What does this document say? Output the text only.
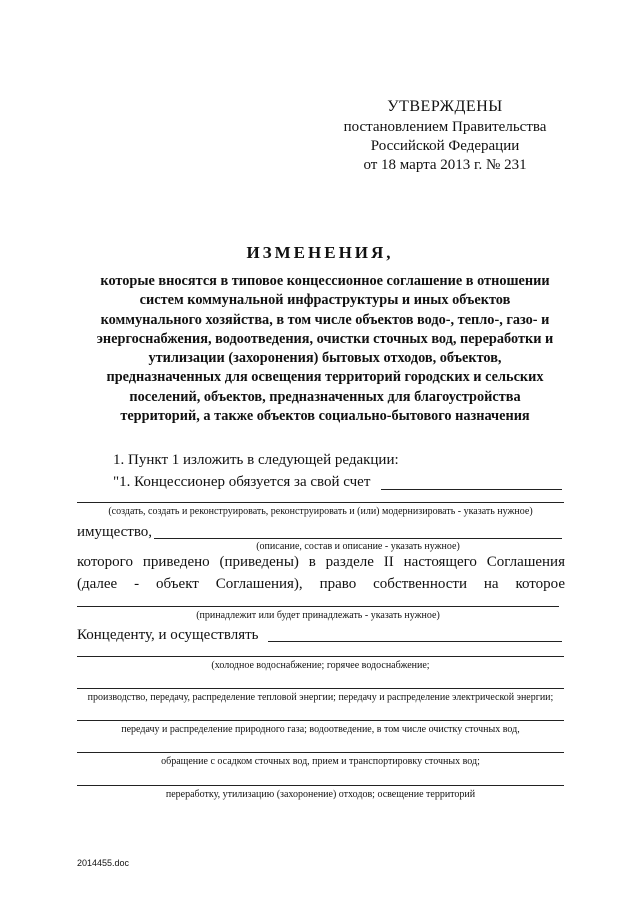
УТВЕРЖДЕНЫ
постановлением Правительства
Российской Федерации
от 18 марта 2013 г. № 231
ИЗМЕНЕНИЯ,
которые вносятся в типовое концессионное соглашение в отношении
систем коммунальной инфраструктуры и иных объектов
коммунального хозяйства, в том числе объектов водо-, тепло-, газо- и
энергоснабжения, водоотведения, очистки сточных вод, переработки и
утилизации (захоронения) бытовых отходов, объектов,
предназначенных для освещения территорий городских и сельских
поселений, объектов, предназначенных для благоустройства
территорий, а также объектов социально-бытового назначения
1. Пункт 1 изложить в следующей редакции:
"1. Концессионер обязуется за свой счет
(создать, создать и реконструировать, реконструировать и (или) модернизировать - указать нужное)
имущество,
(описание, состав и описание - указать нужное)
которого приведено (приведены) в разделе II настоящего Соглашения
(далее - объект Соглашения), право собственности на которое
(принадлежит или будет принадлежать - указать нужное)
Концеденту, и осуществлять
(холодное водоснабжение; горячее водоснабжение;
производство, передачу, распределение тепловой энергии; передачу и распределение электрической энергии;
передачу и распределение природного газа; водоотведение, в том числе очистку сточных вод,
обращение с осадком сточных вод, прием и транспортировку сточных вод;
переработку, утилизацию (захоронение) отходов; освещение территорий
2014455.doc
